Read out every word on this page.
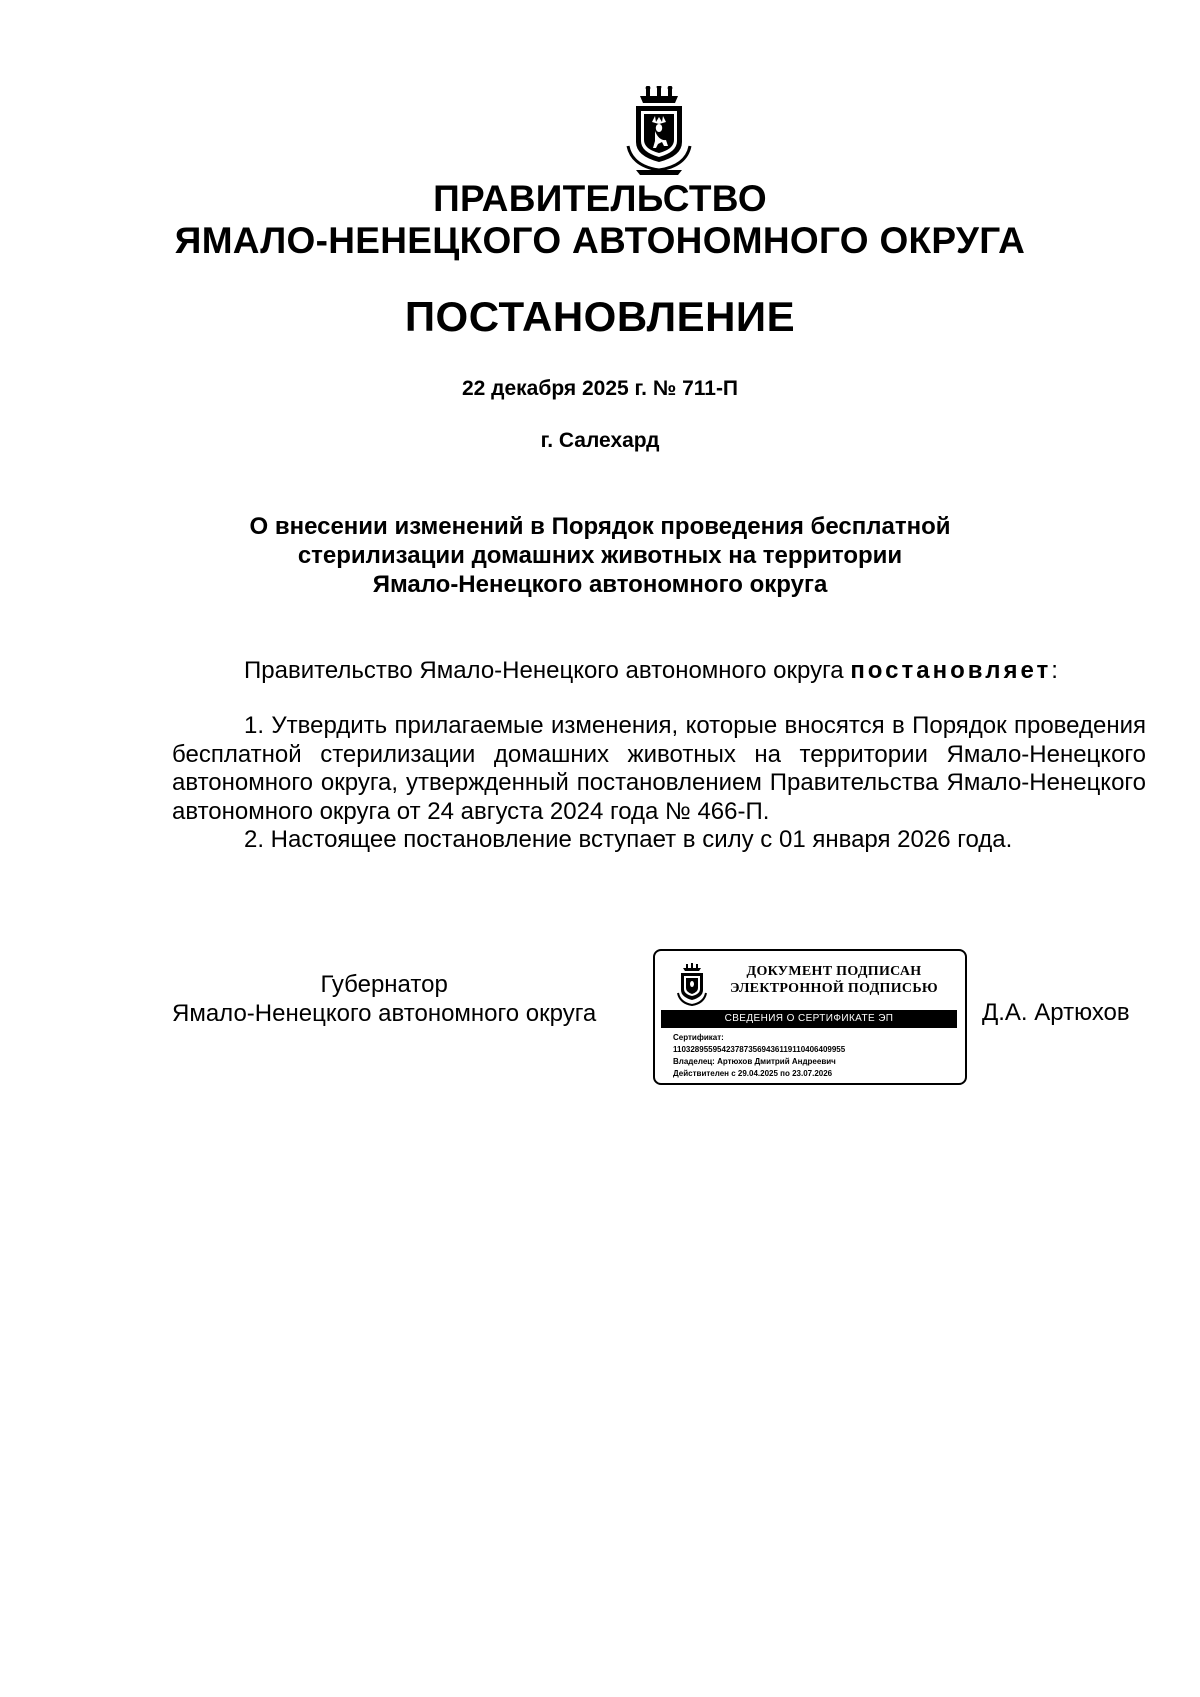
ПРАВИТЕЛЬСТВО
ЯМАЛО-НЕНЕЦКОГО АВТОНОМНОГО ОКРУГА
ПОСТАНОВЛЕНИЕ
22 декабря 2025 г. № 711-П
г. Салехард
О внесении изменений в Порядок проведения бесплатной
стерилизации домашних животных на территории
Ямало-Ненецкого автономного округа
Правительство Ямало-Ненецкого автономного округа постановляет:

1. Утвердить прилагаемые изменения, которые вносятся в Порядок проведения бесплатной стерилизации домашних животных на территории Ямало-Ненецкого автономного округа, утвержденный постановлением Правительства Ямало-Ненецкого автономного округа от 24 августа 2024 года № 466-П.

2. Настоящее постановление вступает в силу с 01 января 2026 года.

Губернатор
Ямало-Ненецкого автономного округа
ДОКУМЕНТ ПОДПИСАН
ЭЛЕКТРОННОЙ ПОДПИСЬЮ
СВЕДЕНИЯ О СЕРТИФИКАТЕ ЭП
Сертификат:
110328955954237873569436119110406409955
Владелец: Артюхов Дмитрий Андреевич
Действителен с 29.04.2025 по 23.07.2026
Д.А. Артюхов
